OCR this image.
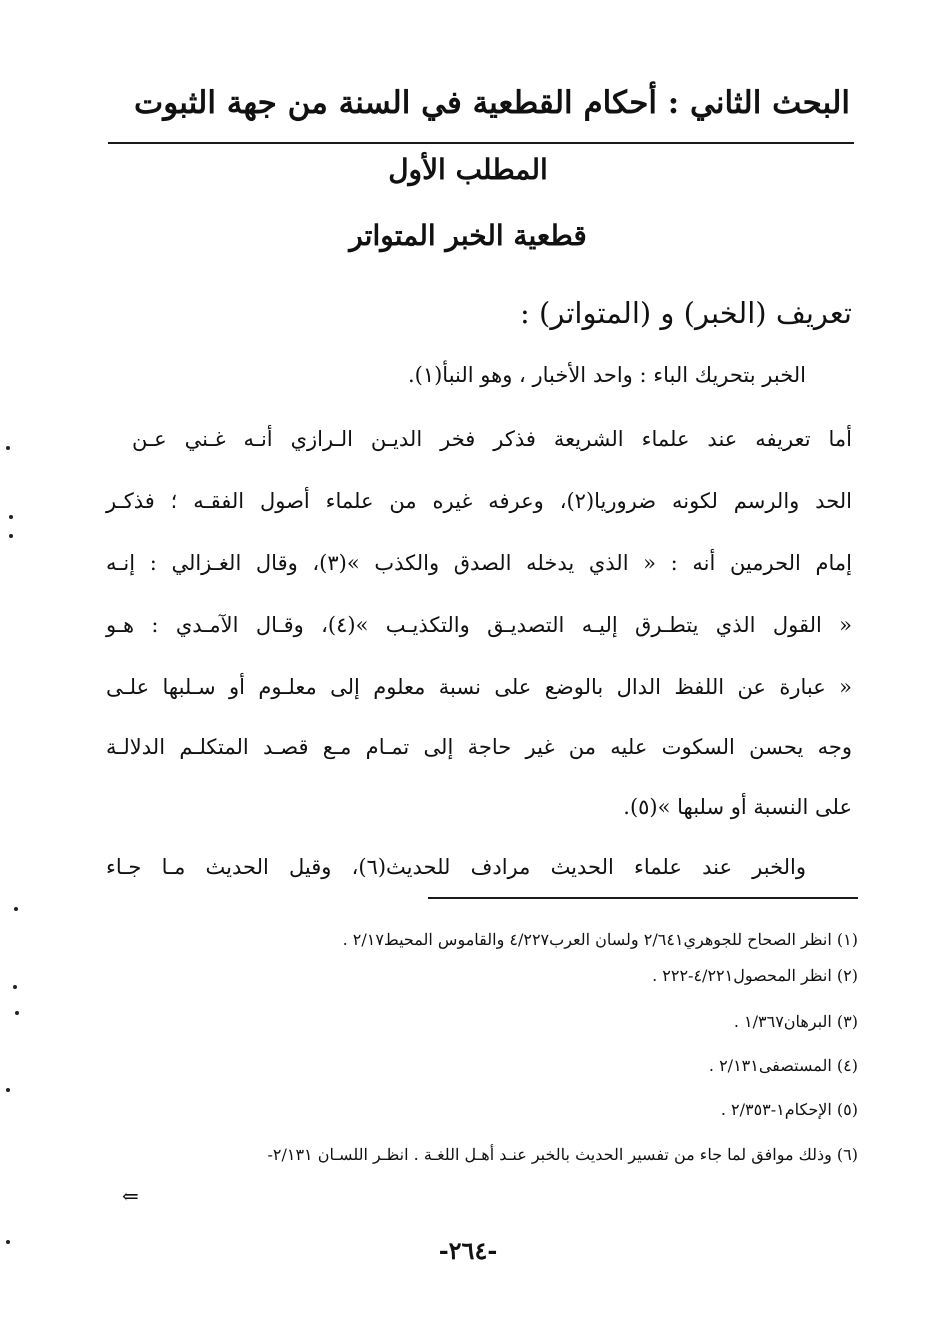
البحث الثاني : أحكام القطعية في السنة من جهة الثبوت
المطلب الأول
قطعية الخبر المتواتر
تعريف (الخبر) و (المتواتر) :
الخبر بتحريك الباء : واحد الأخبار ، وهو النبأ(١).
أما تعريفه عند علماء الشريعة فذكر فخر الديـن الـرازي أنـه غـني عـن
الحد والرسم لكونه ضروريا(٢)، وعرفه غيره من علماء أصول الفقـه ؛ فذكـر
إمام الحرمين أنه : « الذي يدخله الصدق والكذب »(٣)، وقال الغـزالي : إنـه
« القول الذي يتطـرق إليـه التصديـق والتكذيـب »(٤)، وقـال الآمـدي : هـو
« عبارة عن اللفظ الدال بالوضع على نسبة معلوم إلى معلـوم أو سـلبها علـى
وجه يحسن السكوت عليه من غير حاجة إلى تمـام مـع قصـد المتكلـم الدلالـة
على النسبة أو سلبها »(٥).
والخبر عند علماء الحديث مرادف للحديث(٦)، وقيل الحديث مـا جـاء
(١) انظر الصحاح للجوهري٢/٦٤١ ولسان العرب٤/٢٢٧ والقاموس المحيط٢/١٧ .
(٢) انظر المحصول٤/٢٢١-٢٢٢ .
(٣) البرهان١/٣٦٧ .
(٤) المستصفى٢/١٣١ .
(٥) الإحكام١-٢/٣٥٣ .
(٦) وذلك موافق لما جاء من تفسير الحديث بالخبر عنـد أهـل اللغـة . انظـر اللسـان ٢/١٣١-
⇐
-٢٦٤-
